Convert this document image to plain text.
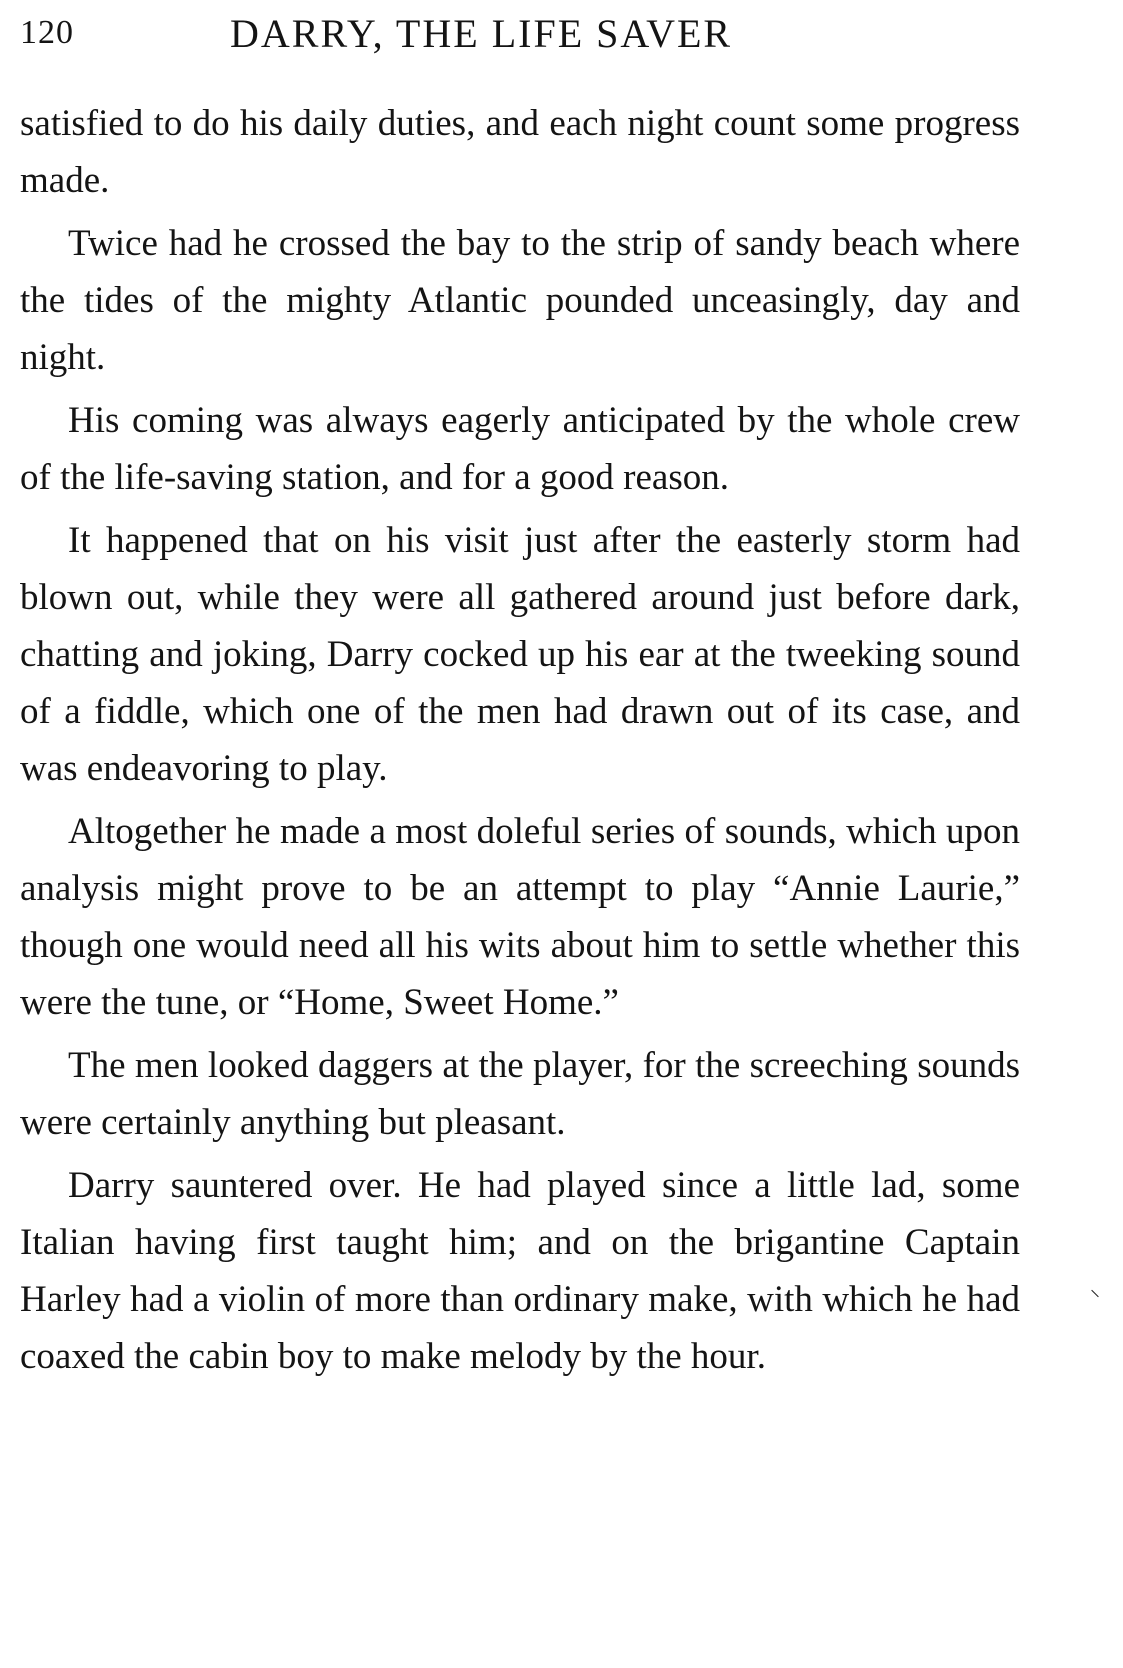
120	DARRY, THE LIFE SAVER

satisfied to do his daily duties, and each night count some progress made.

Twice had he crossed the bay to the strip of sandy beach where the tides of the mighty Atlantic pounded unceasingly, day and night.

His coming was always eagerly anticipated by the whole crew of the life-saving station, and for a good reason.

It happened that on his visit just after the easterly storm had blown out, while they were all gathered around just before dark, chatting and joking, Darry cocked up his ear at the tweeking sound of a fiddle, which one of the men had drawn out of its case, and was endeavoring to play.

Altogether he made a most doleful series of sounds, which upon analysis might prove to be an attempt to play “Annie Laurie,” though one would need all his wits about him to settle whether this were the tune, or “Home, Sweet Home.”

The men looked daggers at the player, for the screeching sounds were certainly anything but pleasant.

Darry sauntered over. He had played since a little lad, some Italian having first taught him; and on the brigantine Captain Harley had a violin of more than ordinary make, with which he had coaxed the cabin boy to make melody by the hour.

⸌
